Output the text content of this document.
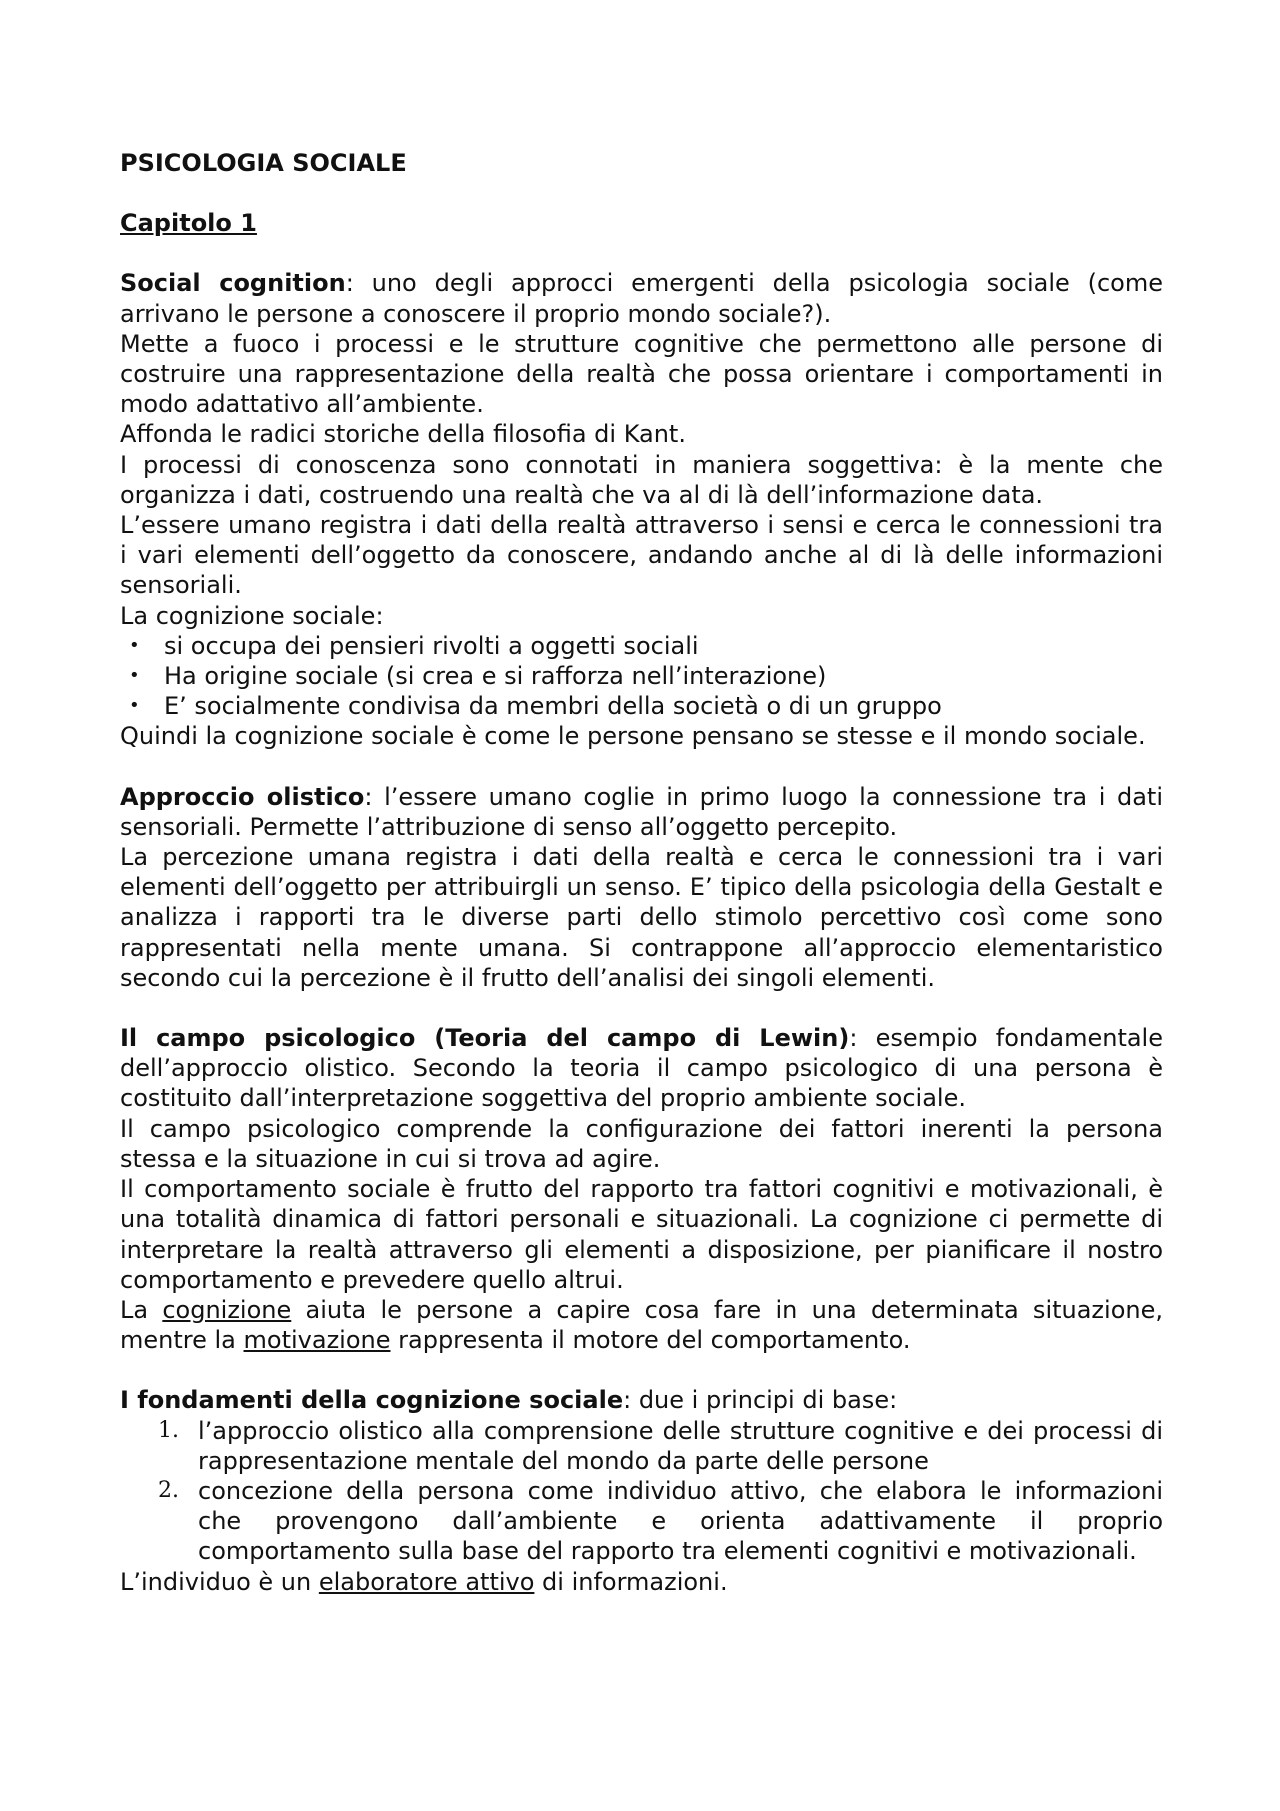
PSICOLOGIA SOCIALE

Capitolo 1

Social cognition: uno degli approcci emergenti della psicologia sociale (come arrivano le persone a conoscere il proprio mondo sociale?).

Mette a fuoco i processi e le strutture cognitive che permettono alle persone di costruire una rappresentazione della realtà che possa orientare i comportamenti in modo adattativo all’ambiente.

Affonda le radici storiche della filosofia di Kant.

I processi di conoscenza sono connotati in maniera soggettiva: è la mente che organizza i dati, costruendo una realtà che va al di là dell’informazione data.

L’essere umano registra i dati della realtà attraverso i sensi e cerca le connessioni tra i vari elementi dell’oggetto da conoscere, andando anche al di là delle informazioni sensoriali.

La cognizione sociale:

• si occupa dei pensieri rivolti a oggetti sociali
• Ha origine sociale (si crea e si rafforza nell’interazione)
• E’ socialmente condivisa da membri della società o di un gruppo

Quindi la cognizione sociale è come le persone pensano se stesse e il mondo sociale.

Approccio olistico: l’essere umano coglie in primo luogo la connessione tra i dati sensoriali. Permette l’attribuzione di senso all’oggetto percepito.

La percezione umana registra i dati della realtà e cerca le connessioni tra i vari elementi dell’oggetto per attribuirgli un senso. E’ tipico della psicologia della Gestalt e analizza i rapporti tra le diverse parti dello stimolo percettivo così come sono rappresentati nella mente umana. Si contrappone all’approccio elementaristico secondo cui la percezione è il frutto dell’analisi dei singoli elementi.

Il campo psicologico (Teoria del campo di Lewin): esempio fondamentale dell’approccio olistico. Secondo la teoria il campo psicologico di una persona è costituito dall’interpretazione soggettiva del proprio ambiente sociale.

Il campo psicologico comprende la configurazione dei fattori inerenti la persona stessa e la situazione in cui si trova ad agire.

Il comportamento sociale è frutto del rapporto tra fattori cognitivi e motivazionali, è una totalità dinamica di fattori personali e situazionali. La cognizione ci permette di interpretare la realtà attraverso gli elementi a disposizione, per pianificare il nostro comportamento e prevedere quello altrui.

La cognizione aiuta le persone a capire cosa fare in una determinata situazione, mentre la motivazione rappresenta il motore del comportamento.

I fondamenti della cognizione sociale: due i principi di base:

1. l’approccio olistico alla comprensione delle strutture cognitive e dei processi di rappresentazione mentale del mondo da parte delle persone
2. concezione della persona come individuo attivo, che elabora le informazioni che provengono dall’ambiente e orienta adattivamente il proprio comportamento sulla base del rapporto tra elementi cognitivi e motivazionali.

L’individuo è un elaboratore attivo di informazioni.
